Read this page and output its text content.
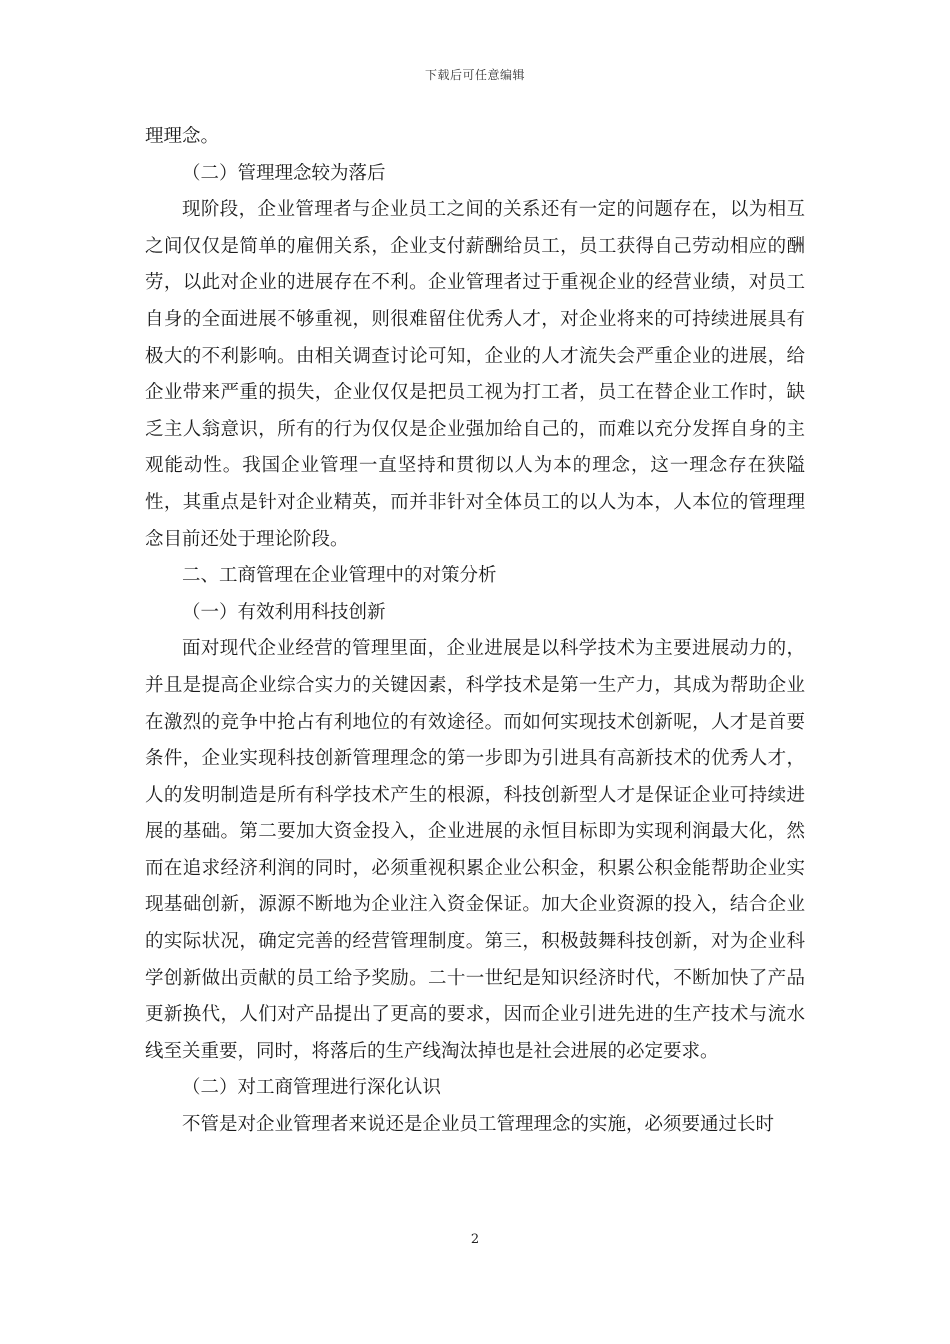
下载后可任意编辑

理理念。

（二）管理理念较为落后

现阶段，企业管理者与企业员工之间的关系还有一定的问题存在，以为相互之间仅仅是简单的雇佣关系，企业支付薪酬给员工，员工获得自己劳动相应的酬劳，以此对企业的进展存在不利。企业管理者过于重视企业的经营业绩，对员工自身的全面进展不够重视，则很难留住优秀人才，对企业将来的可持续进展具有极大的不利影响。由相关调查讨论可知，企业的人才流失会严重企业的进展，给企业带来严重的损失，企业仅仅是把员工视为打工者，员工在替企业工作时，缺乏主人翁意识，所有的行为仅仅是企业强加给自己的，而难以充分发挥自身的主观能动性。我国企业管理一直坚持和贯彻以人为本的理念，这一理念存在狭隘性，其重点是针对企业精英，而并非针对全体员工的以人为本，人本位的管理理念目前还处于理论阶段。

二、工商管理在企业管理中的对策分析

（一）有效利用科技创新

面对现代企业经营的管理里面，企业进展是以科学技术为主要进展动力的，并且是提高企业综合实力的关键因素，科学技术是第一生产力，其成为帮助企业在激烈的竞争中抢占有利地位的有效途径。而如何实现技术创新呢，人才是首要条件，企业实现科技创新管理理念的第一步即为引进具有高新技术的优秀人才，人的发明制造是所有科学技术产生的根源，科技创新型人才是保证企业可持续进展的基础。第二要加大资金投入，企业进展的永恒目标即为实现利润最大化，然而在追求经济利润的同时，必须重视积累企业公积金，积累公积金能帮助企业实现基础创新，源源不断地为企业注入资金保证。加大企业资源的投入，结合企业的实际状况，确定完善的经营管理制度。第三，积极鼓舞科技创新，对为企业科学创新做出贡献的员工给予奖励。二十一世纪是知识经济时代，不断加快了产品更新换代，人们对产品提出了更高的要求，因而企业引进先进的生产技术与流水线至关重要，同时，将落后的生产线淘汰掉也是社会进展的必定要求。

（二）对工商管理进行深化认识

不管是对企业管理者来说还是企业员工管理理念的实施，必须要通过长时

2
